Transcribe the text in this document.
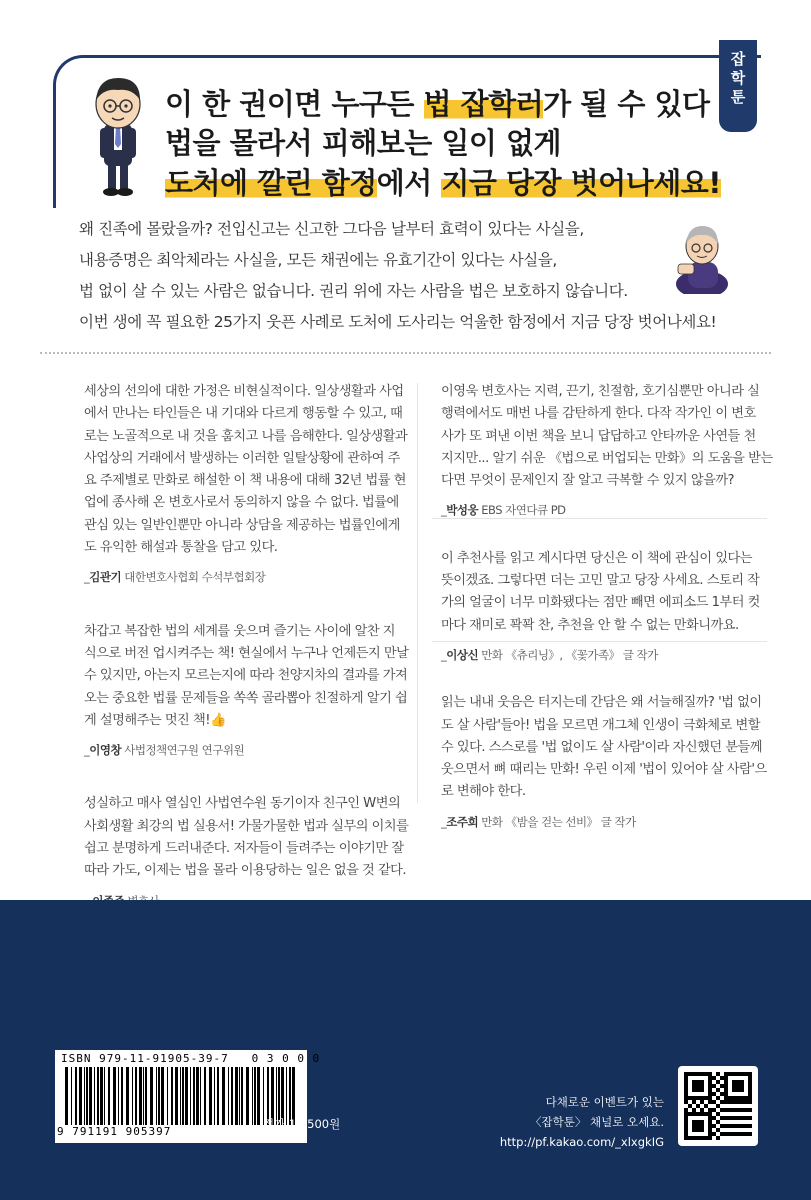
잡학툰
이 한 권이면 누구든 법 잡학러가 될 수 있다
법을 몰라서 피해보는 일이 없게
도처에 깔린 함정에서 지금 당장 벗어나세요!
왜 진족에 몰랐을까? 전입신고는 신고한 그다음 날부터 효력이 있다는 사실을,
내용증명은 최악체라는 사실을, 모든 채권에는 유효기간이 있다는 사실을,
법 없이 살 수 있는 사람은 없습니다. 권리 위에 자는 사람을 법은 보호하지 않습니다.
이번 생에 꼭 필요한 25가지 웃픈 사례로 도처에 도사리는 억울한 함정에서 지금 당장 벗어나세요!
세상의 선의에 대한 가정은 비현실적이다. 일상생활과 사업
에서 만나는 타인들은 내 기대와 다르게 행동할 수 있고, 때
로는 노골적으로 내 것을 훔치고 나를 음해한다. 일상생활과
사업상의 거래에서 발생하는 이러한 일탈상황에 관하여 주
요 주제별로 만화로 해설한 이 책 내용에 대해 32년 법률 현
업에 종사해 온 변호사로서 동의하지 않을 수 없다. 법률에
관심 있는 일반인뿐만 아니라 상담을 제공하는 법률인에게
도 유익한 해설과 통찰을 담고 있다.
_김관기 대한변호사협회 수석부협회장
차갑고 복잡한 법의 세계를 웃으며 즐기는 사이에 알찬 지
식으로 버전 업시켜주는 책! 현실에서 누구나 언제든지 만날
수 있지만, 아는지 모르는지에 따라 천양지차의 결과를 가져
오는 중요한 법률 문제들을 쏙쏙 골라뽑아 친절하게 알기 쉽
게 설명해주는 멋진 책!👍
_이영창 사법정책연구원 연구위원
성실하고 매사 열심인 사법연수원 동기이자 친구인 W변의
사회생활 최강의 법 실용서! 가물가물한 법과 실무의 이치를
쉽고 분명하게 드러내준다. 저자들이 들려주는 이야기만 잘
따라 가도, 이제는 법을 몰라 이용당하는 일은 없을 것 같다.
이영욱 변호사는 지력, 끈기, 친절함, 호기심뿐만 아니라 실
행력에서도 매번 나를 감탄하게 한다. 다작 작가인 이 변호
사가 또 펴낸 이번 책을 보니 답답하고 안타까운 사연들 천
지지만... 알기 쉬운 《법으로 버업되는 만화》의 도움을 받는
다면 무엇이 문제인지 잘 알고 극복할 수 있지 않을까?
_박성웅 EBS 자연다큐 PD
이 추천사를 읽고 계시다면 당신은 이 책에 관심이 있다는
뜻이겠죠. 그렇다면 더는 고민 말고 당장 사세요. 스토리 작
가의 얼굴이 너무 미화됐다는 점만 빼면 에피소드 1부터 컷
마다 재미로 꽉꽉 찬, 추천을 안 할 수 없는 만화니까요.
_이상신 만화 《츄리닝》, 《꽃가족》 글 작가
읽는 내내 웃음은 터지는데 간담은 왜 서늘해질까? '법 없이
도 살 사람'들아! 법을 모르면 개그체 인생이 극화체로 변할
수 있다. 스스로를 '법 없이도 살 사람'이라 자신했던 분들께
웃으면서 뼈 때리는 만화! 우린 이제 '법이 있어야 살 사람'으
로 변해야 한다.
_조주희 만화 《밤을 걷는 선비》 글 작가
ISBN 979-11-91905-39-7 0 3 0 0 0
9 791191 905397
정가 18,500원
다채로운 이벤트가 있는
〈잡학툰〉 채널로 오세요.
http://pf.kakao.com/_xlxgkIG
